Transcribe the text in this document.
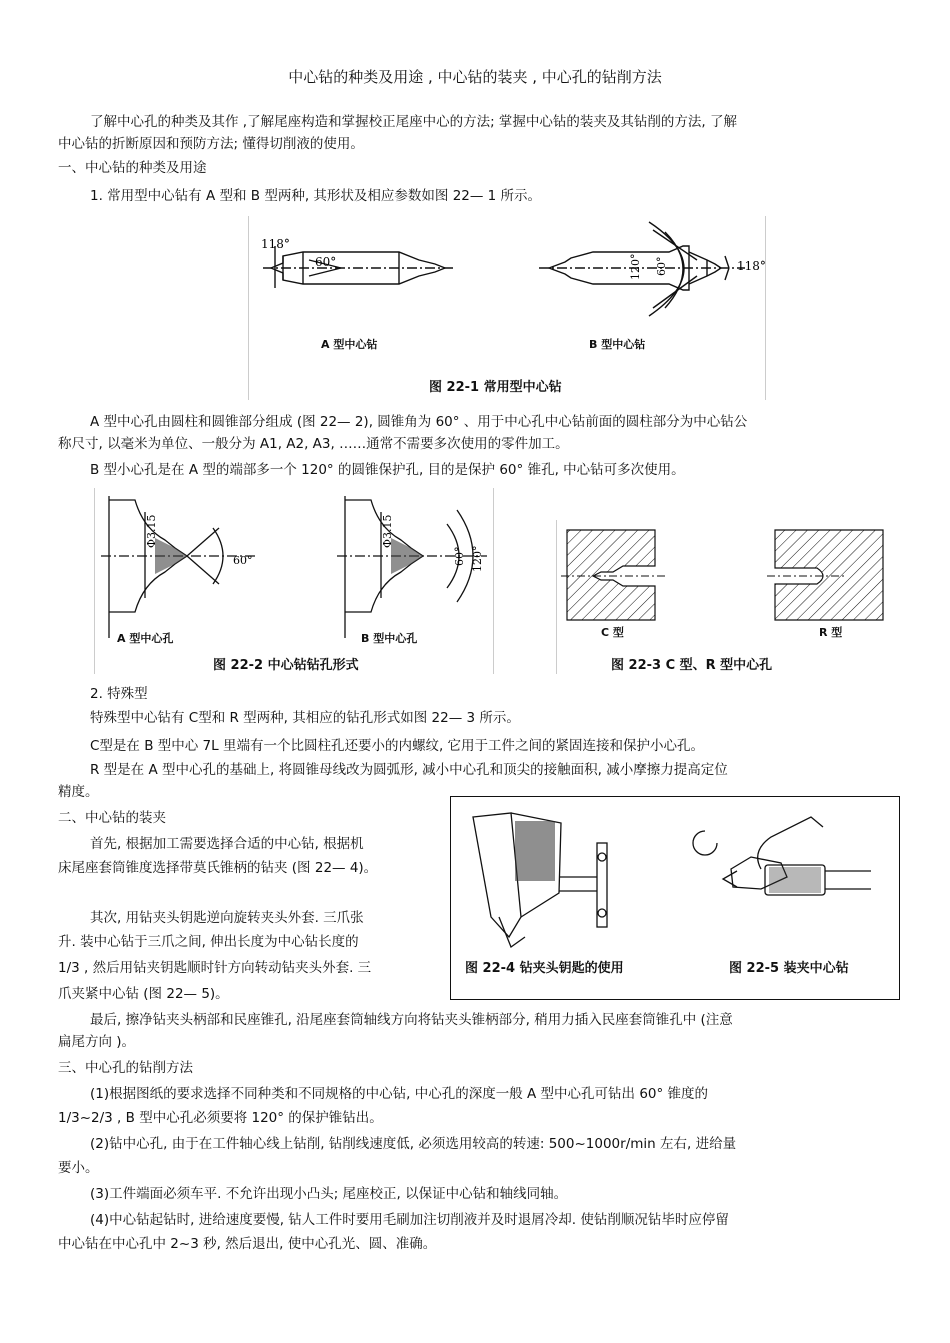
中心钻的种类及用途 , 中心钻的装夹 , 中心孔的钻削方法
了解中心孔的种类及其作 ,了解尾座构造和掌握校正尾座中心的方法; 掌握中心钻的装夹及其钻削的方法, 了解
中心钻的折断原因和预防方法; 懂得切削液的使用。
一、中心钻的种类及用途
1. 常用型中心钻有 A 型和 B 型两种, 其形状及相应参数如图 22— 1 所示。
118°
60°	118°
120° 60°
A 型中心钻	B 型中心钻
图 22-1 常用型中心钻
A 型中心孔由圆柱和圆锥部分组成 (图 22— 2), 圆锥角为 60° 、用于中心孔中心钻前面的圆柱部分为中心钻公
称尺寸, 以毫米为单位、一般分为 A1, A2, A3, ……通常不需要多次使用的零件加工。
B 型小心孔是在 A 型的端部多一个 120° 的圆锥保护孔, 目的是保护 60° 锥孔, 中心钻可多次使用。
Φ3.15	Φ3.15
60°	60° 120°
A 型中心孔	B 型中心孔
图 22-2 中心钻钻孔形式
C 型	R 型
图 22-3 C 型、R 型中心孔
2. 特殊型
特殊型中心钻有 C型和 R 型两种, 其相应的钻孔形式如图 22— 3 所示。
C型是在 B 型中心 7L 里端有一个比圆柱孔还要小的内螺纹, 它用于工件之间的紧固连接和保护小心孔。
R 型是在 A 型中心孔的基础上, 将圆锥母线改为圆弧形, 减小中心孔和顶尖的接触面积, 减小摩擦力提高定位
精度。
二、中心钻的装夹
首先, 根据加工需要选择合适的中心钻, 根据机
床尾座套筒锥度选择带莫氏锥柄的钻夹 (图 22— 4)。
其次, 用钻夹头钥匙逆向旋转夹头外套. 三爪张
升. 装中心钻于三爪之间, 伸出长度为中心钻长度的
1/3 , 然后用钻夹钥匙顺时针方向转动钻夹头外套. 三
爪夹紧中心钻 (图 22— 5)。
图 22-4 钻夹头钥匙的使用	图 22-5 装夹中心钻
最后, 擦净钻夹头柄部和民座锥孔, 沿尾座套筒轴线方向将钻夹头锥柄部分, 稍用力插入民座套筒锥孔中 (注意
扁尾方向 )。
三、中心孔的钻削方法
(1)根据图纸的要求选择不同种类和不同规格的中心钻, 中心孔的深度一般 A 型中心孔可钻出 60° 锥度的
1/3~2/3 , B 型中心孔必须要将 120° 的保护锥钻出。
(2)钻中心孔, 由于在工件轴心线上钻削, 钻削线速度低, 必须选用较高的转速: 500~1000r/min 左右, 进给量
要小。
(3)工件端面必须车平. 不允许出现小凸头; 尾座校正, 以保证中心钻和轴线同轴。
(4)中心钻起钻时, 进给速度要慢, 钻人工件时要用毛刷加注切削液并及时退屑冷却. 使钻削顺况钻毕时应停留
中心钻在中心孔中 2~3 秒, 然后退出, 使中心孔光、圆、准确。
